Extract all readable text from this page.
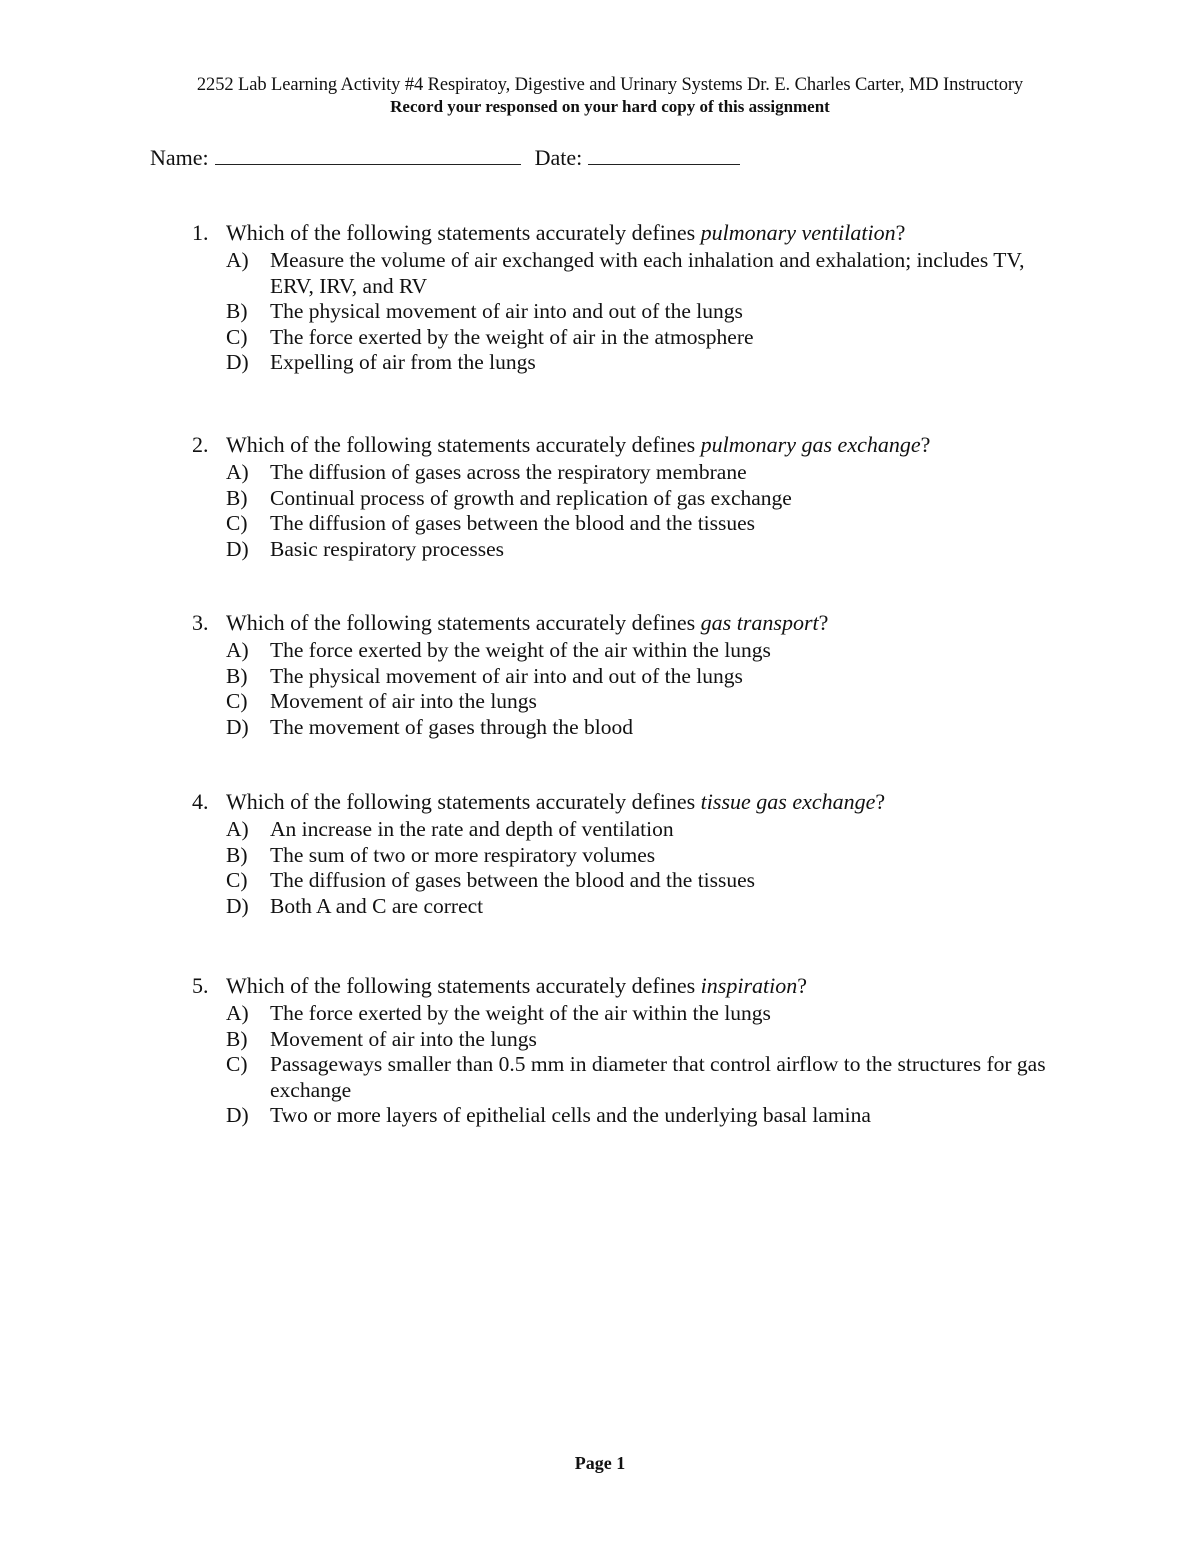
2252 Lab Learning Activity #4 Respiratoy, Digestive and Urinary Systems Dr. E. Charles Carter, MD Instructory
Record your responsed on your hard copy of this assignment
Name:	Date:
1. Which of the following statements accurately defines pulmonary ventilation?
A) Measure the volume of air exchanged with each inhalation and exhalation; includes TV, ERV, IRV, and RV
B)	The physical movement of air into and out of the lungs
C)	The force exerted by the weight of air in the atmosphere
D) Expelling of air from the lungs
2. Which of the following statements accurately defines pulmonary gas exchange?
A) The diffusion of gases across the respiratory membrane
B)	Continual process of growth and replication of gas exchange
C)	The diffusion of gases between the blood and the tissues
D) Basic respiratory processes
3. Which of the following statements accurately defines gas transport?
A) The force exerted by the weight of the air within the lungs
B)	The physical movement of air into and out of the lungs
C)	Movement of air into the lungs
D) The movement of gases through the blood
4. Which of the following statements accurately defines tissue gas exchange?
A) An increase in the rate and depth of ventilation
B)	The sum of two or more respiratory volumes
C)	The diffusion of gases between the blood and the tissues
D) Both A and C are correct
5. Which of the following statements accurately defines inspiration?
A) The force exerted by the weight of the air within the lungs
B)	Movement of air into the lungs
C)	Passageways smaller than 0.5 mm in diameter that control airflow to the structures for gas exchange
D) Two or more layers of epithelial cells and the underlying basal lamina
Page 1
